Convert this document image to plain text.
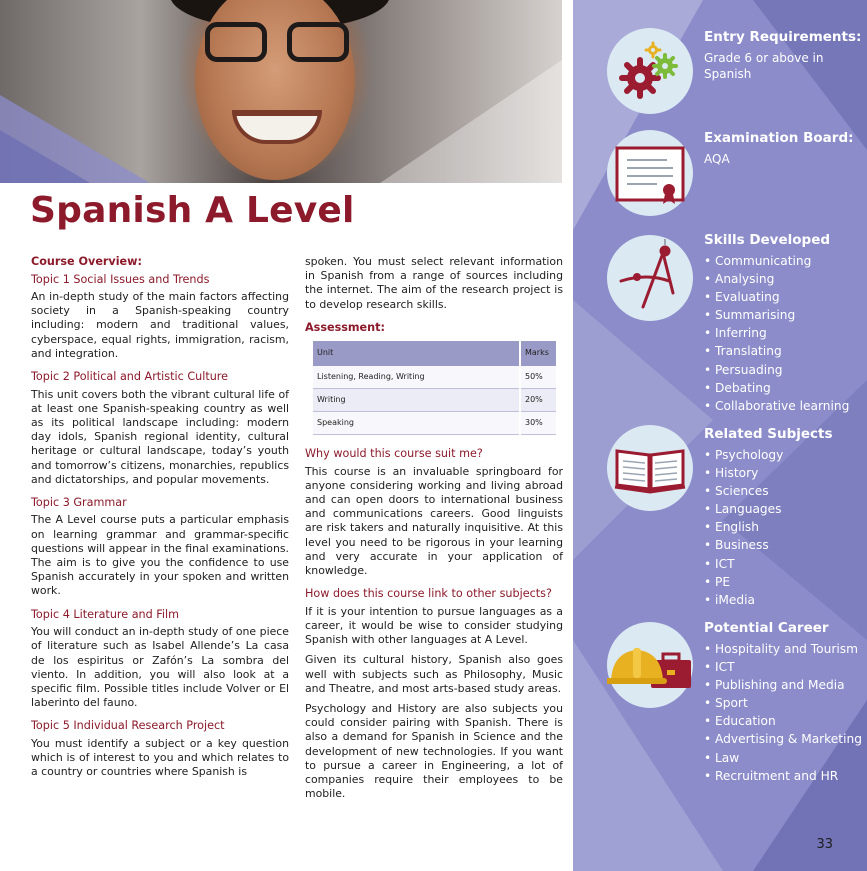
Spanish A Level
Course Overview:
Topic 1 Social Issues and Trends

An in-depth study of the main factors affecting society in a Spanish-speaking country including: modern and traditional values, cyberspace, equal rights, immigration, racism, and integration.

Topic 2 Political and Artistic Culture

This unit covers both the vibrant cultural life of at least one Spanish-speaking country as well as its political landscape including: modern day idols, Spanish regional identity, cultural heritage or cultural landscape, today’s youth and tomorrow’s citizens, monarchies, republics and dictatorships, and popular movements.

Topic 3 Grammar

The A Level course puts a particular emphasis on learning grammar and grammar-specific questions will appear in the final examinations. The aim is to give you the confidence to use Spanish accurately in your spoken and written work.

Topic 4 Literature and Film

You will conduct an in-depth study of one piece of literature such as Isabel Allende’s La casa de los espiritus or Zafón’s La sombra del viento. In addition, you will also look at a specific film. Possible titles include Volver or El laberinto del fauno.

Topic 5 Individual Research Project

You must identify a subject or a key question which is of interest to you and which relates to a country or countries where Spanish is

spoken. You must select relevant information in Spanish from a range of sources including the internet. The aim of the research project is to develop research skills.

Assessment:
Unit	Marks
Listening, Reading, Writing	50%
Writing	20%
Speaking	30%
Why would this course suit me?

This course is an invaluable springboard for anyone considering working and living abroad and can open doors to international business and communications careers. Good linguists are risk takers and naturally inquisitive. At this level you need to be rigorous in your learning and very accurate in your application of knowledge.

How does this course link to other subjects?

If it is your intention to pursue languages as a career, it would be wise to consider studying Spanish with other languages at A Level.

Given its cultural history, Spanish also goes well with subjects such as Philosophy, Music and Theatre, and most arts-based study areas.

Psychology and History are also subjects you could consider pairing with Spanish. There is also a demand for Spanish in Science and the development of new technologies. If you want to pursue a career in Engineering, a lot of companies require their employees to be mobile.

Entry Requirements:
Grade 6 or above in Spanish
Examination Board:
AQA
Skills Developed
• Communicating
• Analysing
• Evaluating
• Summarising
• Inferring
• Translating
• Persuading
• Debating
• Collaborative learning
Related Subjects
• Psychology
• History
• Sciences
• Languages
• English
• Business
• ICT
• PE
• iMedia
Potential Career
• Hospitality and Tourism
• ICT
• Publishing and Media
• Sport
• Education
• Advertising & Marketing
• Law
• Recruitment and HR
33
